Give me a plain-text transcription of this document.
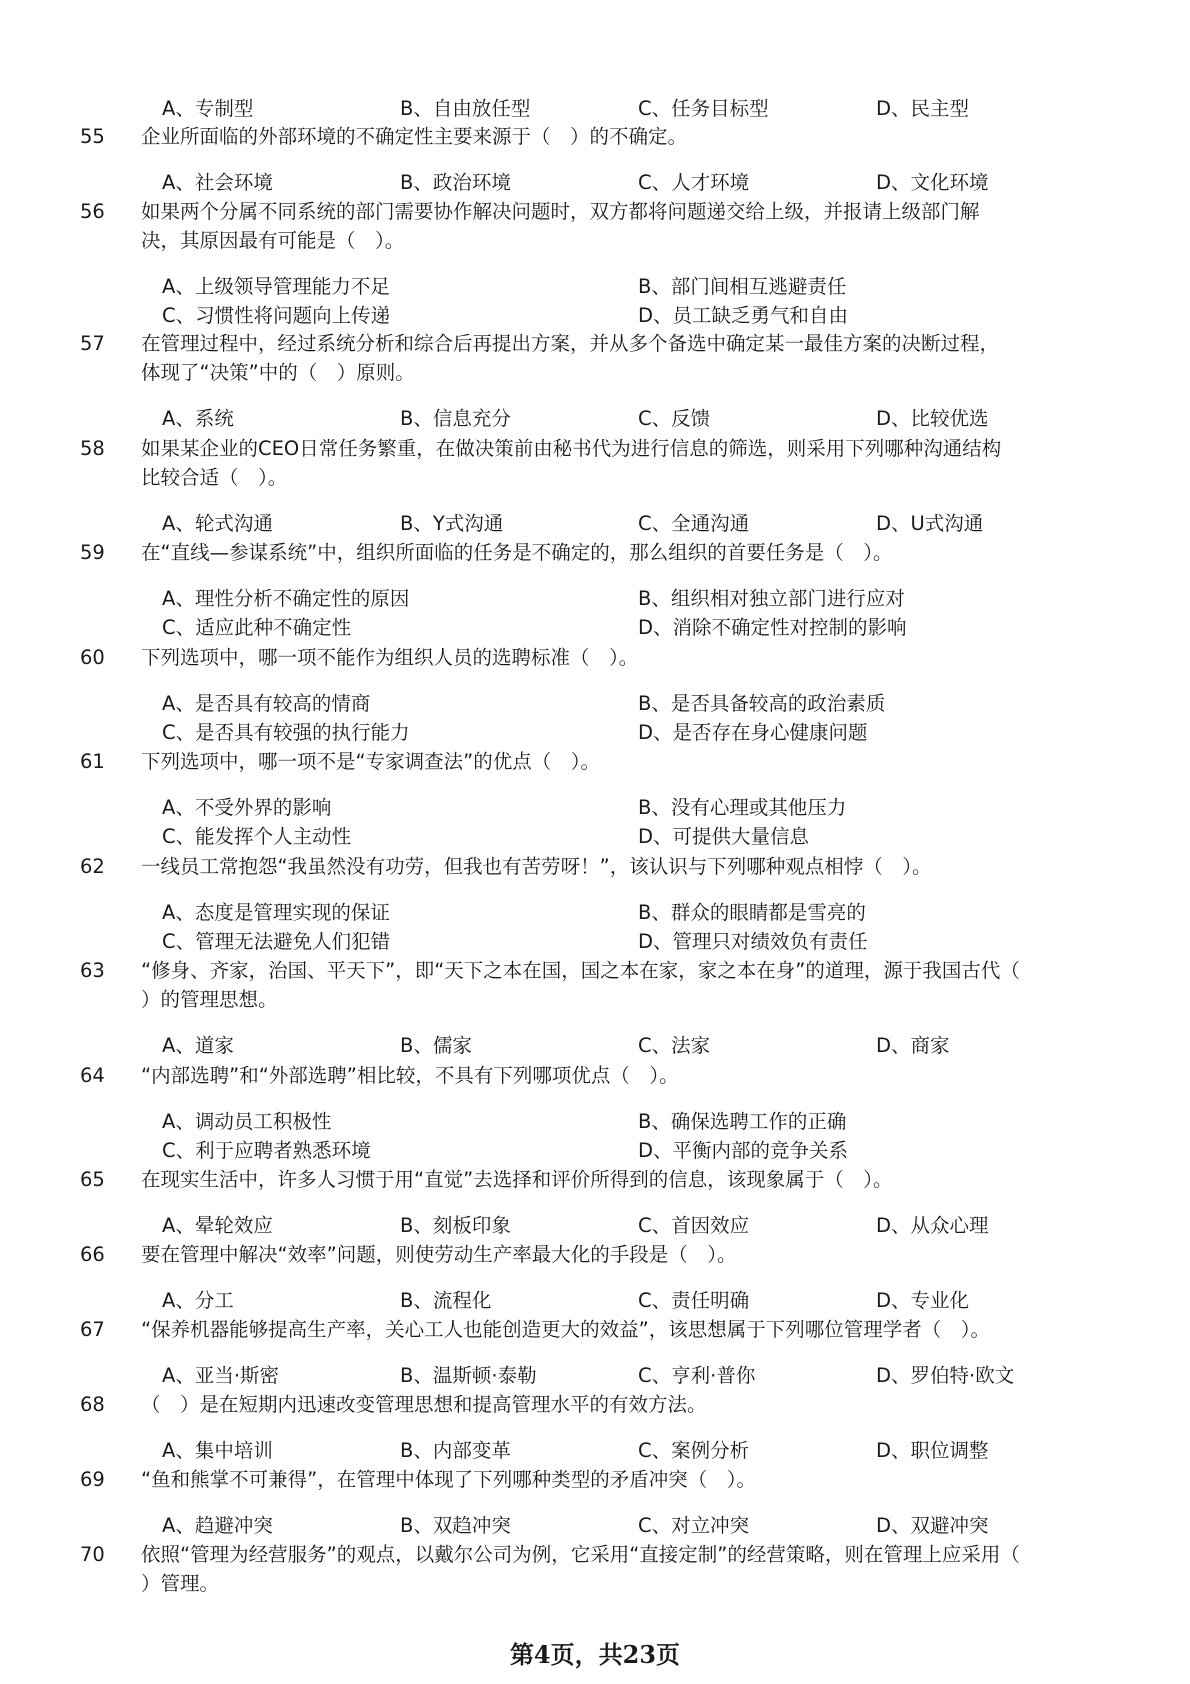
A、专制型	B、自由放任型	C、任务目标型	D、民主型
55 企业所面临的外部环境的不确定性主要来源于（　）的不确定。
A、社会环境	B、政治环境	C、人才环境	D、文化环境
56 如果两个分属不同系统的部门需要协作解决问题时，双方都将问题递交给上级，并报请上级部门解
决，其原因最有可能是（　）。
A、上级领导管理能力不足	B、部门间相互逃避责任
C、习惯性将问题向上传递	D、员工缺乏勇气和自由
57 在管理过程中，经过系统分析和综合后再提出方案，并从多个备选中确定某一最佳方案的决断过程，
体现了“决策”中的（　）原则。
A、系统	B、信息充分	C、反馈	D、比较优选
58 如果某企业的CEO日常任务繁重，在做决策前由秘书代为进行信息的筛选，则采用下列哪种沟通结构
比较合适（　）。
A、轮式沟通	B、Y式沟通	C、全通沟通	D、U式沟通
59 在“直线—参谋系统”中，组织所面临的任务是不确定的，那么组织的首要任务是（　）。
A、理性分析不确定性的原因	B、组织相对独立部门进行应对
C、适应此种不确定性	D、消除不确定性对控制的影响
60 下列选项中，哪一项不能作为组织人员的选聘标准（　）。
A、是否具有较高的情商	B、是否具备较高的政治素质
C、是否具有较强的执行能力	D、是否存在身心健康问题
61 下列选项中，哪一项不是“专家调查法”的优点（　）。
A、不受外界的影响	B、没有心理或其他压力
C、能发挥个人主动性	D、可提供大量信息
62 一线员工常抱怨“我虽然没有功劳，但我也有苦劳呀！”，该认识与下列哪种观点相悖（　）。
A、态度是管理实现的保证	B、群众的眼睛都是雪亮的
C、管理无法避免人们犯错	D、管理只对绩效负有责任
63 “修身、齐家，治国、平天下”，即“天下之本在国，国之本在家，家之本在身”的道理，源于我国古代（
）的管理思想。
A、道家	B、儒家	C、法家	D、商家
64 “内部选聘”和“外部选聘”相比较，不具有下列哪项优点（　）。
A、调动员工积极性	B、确保选聘工作的正确
C、利于应聘者熟悉环境	D、平衡内部的竞争关系
65 在现实生活中，许多人习惯于用“直觉”去选择和评价所得到的信息，该现象属于（　）。
A、晕轮效应	B、刻板印象	C、首因效应	D、从众心理
66 要在管理中解决“效率”问题，则使劳动生产率最大化的手段是（　）。
A、分工	B、流程化	C、责任明确	D、专业化
67 “保养机器能够提高生产率，关心工人也能创造更大的效益”，该思想属于下列哪位管理学者（　）。
A、亚当·斯密	B、温斯顿·泰勒	C、亨利·普你	D、罗伯特·欧文
68 （　）是在短期内迅速改变管理思想和提高管理水平的有效方法。
A、集中培训	B、内部变革	C、案例分析	D、职位调整
69 “鱼和熊掌不可兼得”，在管理中体现了下列哪种类型的矛盾冲突（　）。
A、趋避冲突	B、双趋冲突	C、对立冲突	D、双避冲突
70 依照“管理为经营服务”的观点，以戴尔公司为例，它采用“直接定制”的经营策略，则在管理上应采用（
）管理。
第4页，共23页
